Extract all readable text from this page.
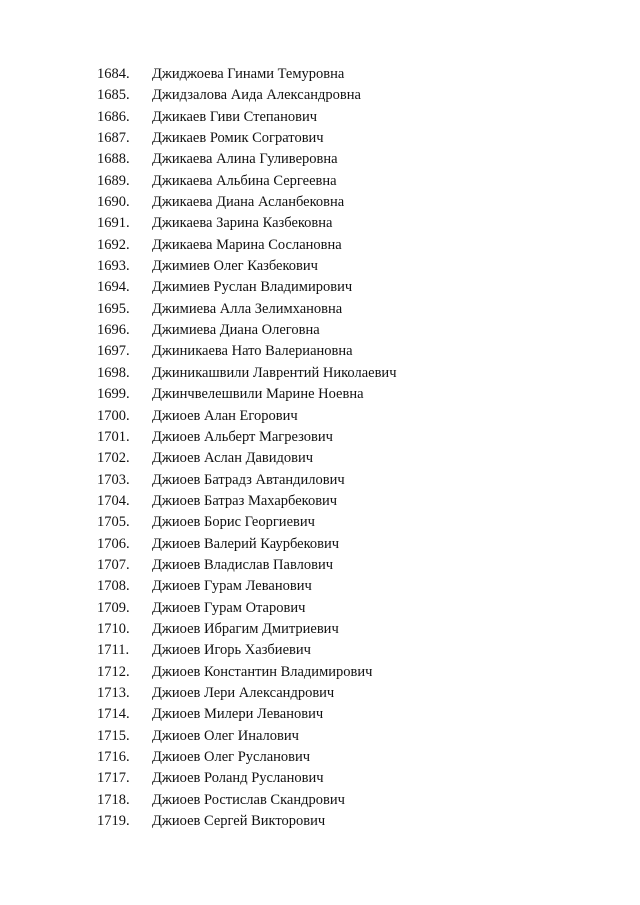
1684. Джиджоева Гинами Темуровна
1685. Джидзалова Аида Александровна
1686. Джикаев Гиви Степанович
1687. Джикаев Ромик Согратович
1688. Джикаева Алина Гуливеровна
1689. Джикаева Альбина Сергеевна
1690. Джикаева Диана Асланбековна
1691. Джикаева Зарина Казбековна
1692. Джикаева Марина Сослановна
1693. Джимиев Олег Казбекович
1694. Джимиев Руслан Владимирович
1695. Джимиева Алла Зелимхановна
1696. Джимиева Диана Олеговна
1697. Джиникаева Нато Валериановна
1698. Джиникашвили Лаврентий Николаевич
1699. Джинчвелешвили Марине Ноевна
1700. Джиоев Алан Егорович
1701. Джиоев Альберт Магрезович
1702. Джиоев Аслан Давидович
1703. Джиоев Батрадз Автандилович
1704. Джиоев Батраз Махарбекович
1705. Джиоев Борис Георгиевич
1706. Джиоев Валерий Каурбекович
1707. Джиоев Владислав Павлович
1708. Джиоев Гурам Леванович
1709. Джиоев Гурам Отарович
1710. Джиоев Ибрагим Дмитриевич
1711. Джиоев Игорь Хазбиевич
1712. Джиоев Константин Владимирович
1713. Джиоев Лери Александрович
1714. Джиоев Милери Леванович
1715. Джиоев Олег Иналович
1716. Джиоев Олег Русланович
1717. Джиоев Роланд Русланович
1718. Джиоев Ростислав Скандрович
1719. Джиоев Сергей Викторович
